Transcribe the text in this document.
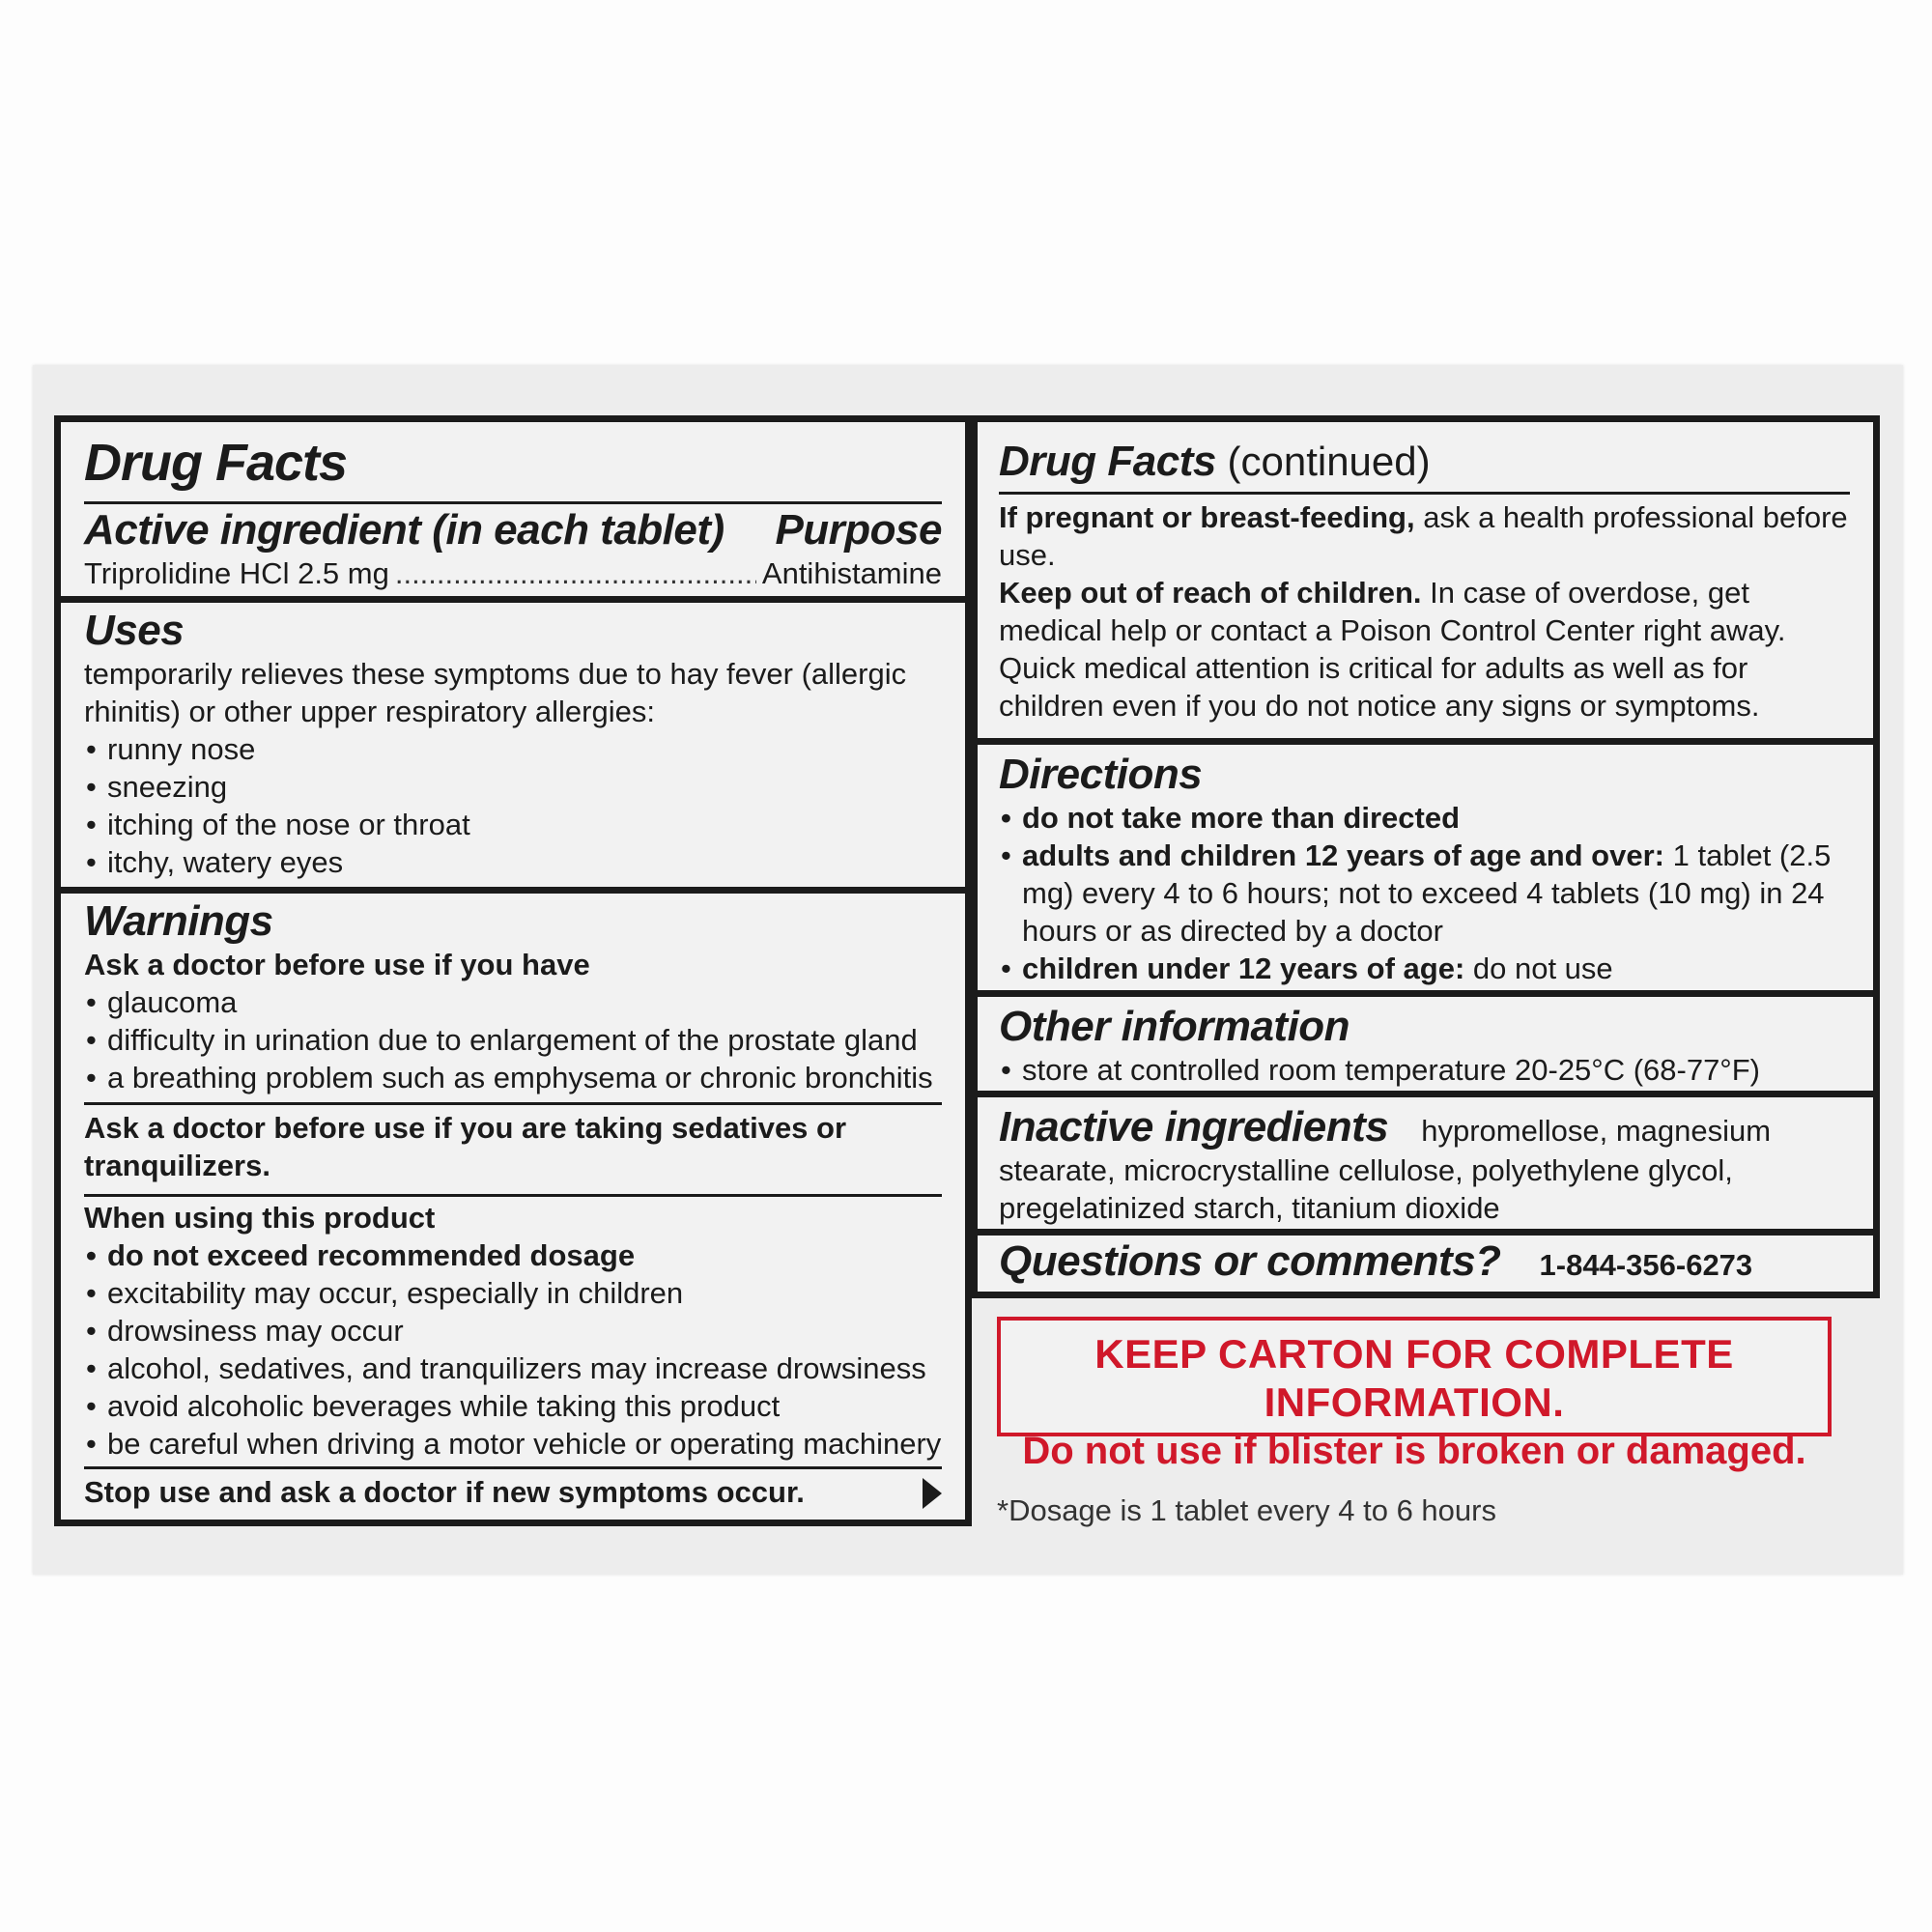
Drug Facts
Active ingredient (in each tablet) Purpose
Triprolidine HCl 2.5 mg
.....	Antihistamine
Uses
temporarily relieves these symptoms due to hay fever (allergic rhinitis) or other upper respiratory allergies:
• runny nose
• sneezing
• itching of the nose or throat
• itchy, watery eyes
Warnings
Ask a doctor before use if you have
• glaucoma
• difficulty in urination due to enlargement of the prostate gland
• a breathing problem such as emphysema or chronic bronchitis
Ask a doctor before use if you are taking sedatives or tranquilizers.
When using this product
• do not exceed recommended dosage
• excitability may occur, especially in children
• drowsiness may occur
• alcohol, sedatives, and tranquilizers may increase drowsiness
• avoid alcoholic beverages while taking this product
• be careful when driving a motor vehicle or operating machinery
Stop use and ask a doctor if new symptoms occur.
Drug Facts (continued)
If pregnant or breast-feeding, ask a health professional before use.
Keep out of reach of children. In case of overdose, get medical help or contact a Poison Control Center right away. Quick medical attention is critical for adults as well as for children even if you do not notice any signs or symptoms.
Directions
• do not take more than directed
• adults and children 12 years of age and over: 1 tablet (2.5 mg) every 4 to 6 hours; not to exceed 4 tablets (10 mg) in 24 hours or as directed by a doctor
• children under 12 years of age: do not use
Other information
• store at controlled room temperature 20-25°C (68-77°F)
Inactive ingredients hypromellose, magnesium stearate, microcrystalline cellulose, polyethylene glycol, pregelatinized starch, titanium dioxide
Questions or comments? 1-844-356-6273
KEEP CARTON FOR COMPLETE INFORMATION.
Do not use if blister is broken or damaged.
*Dosage is 1 tablet every 4 to 6 hours
